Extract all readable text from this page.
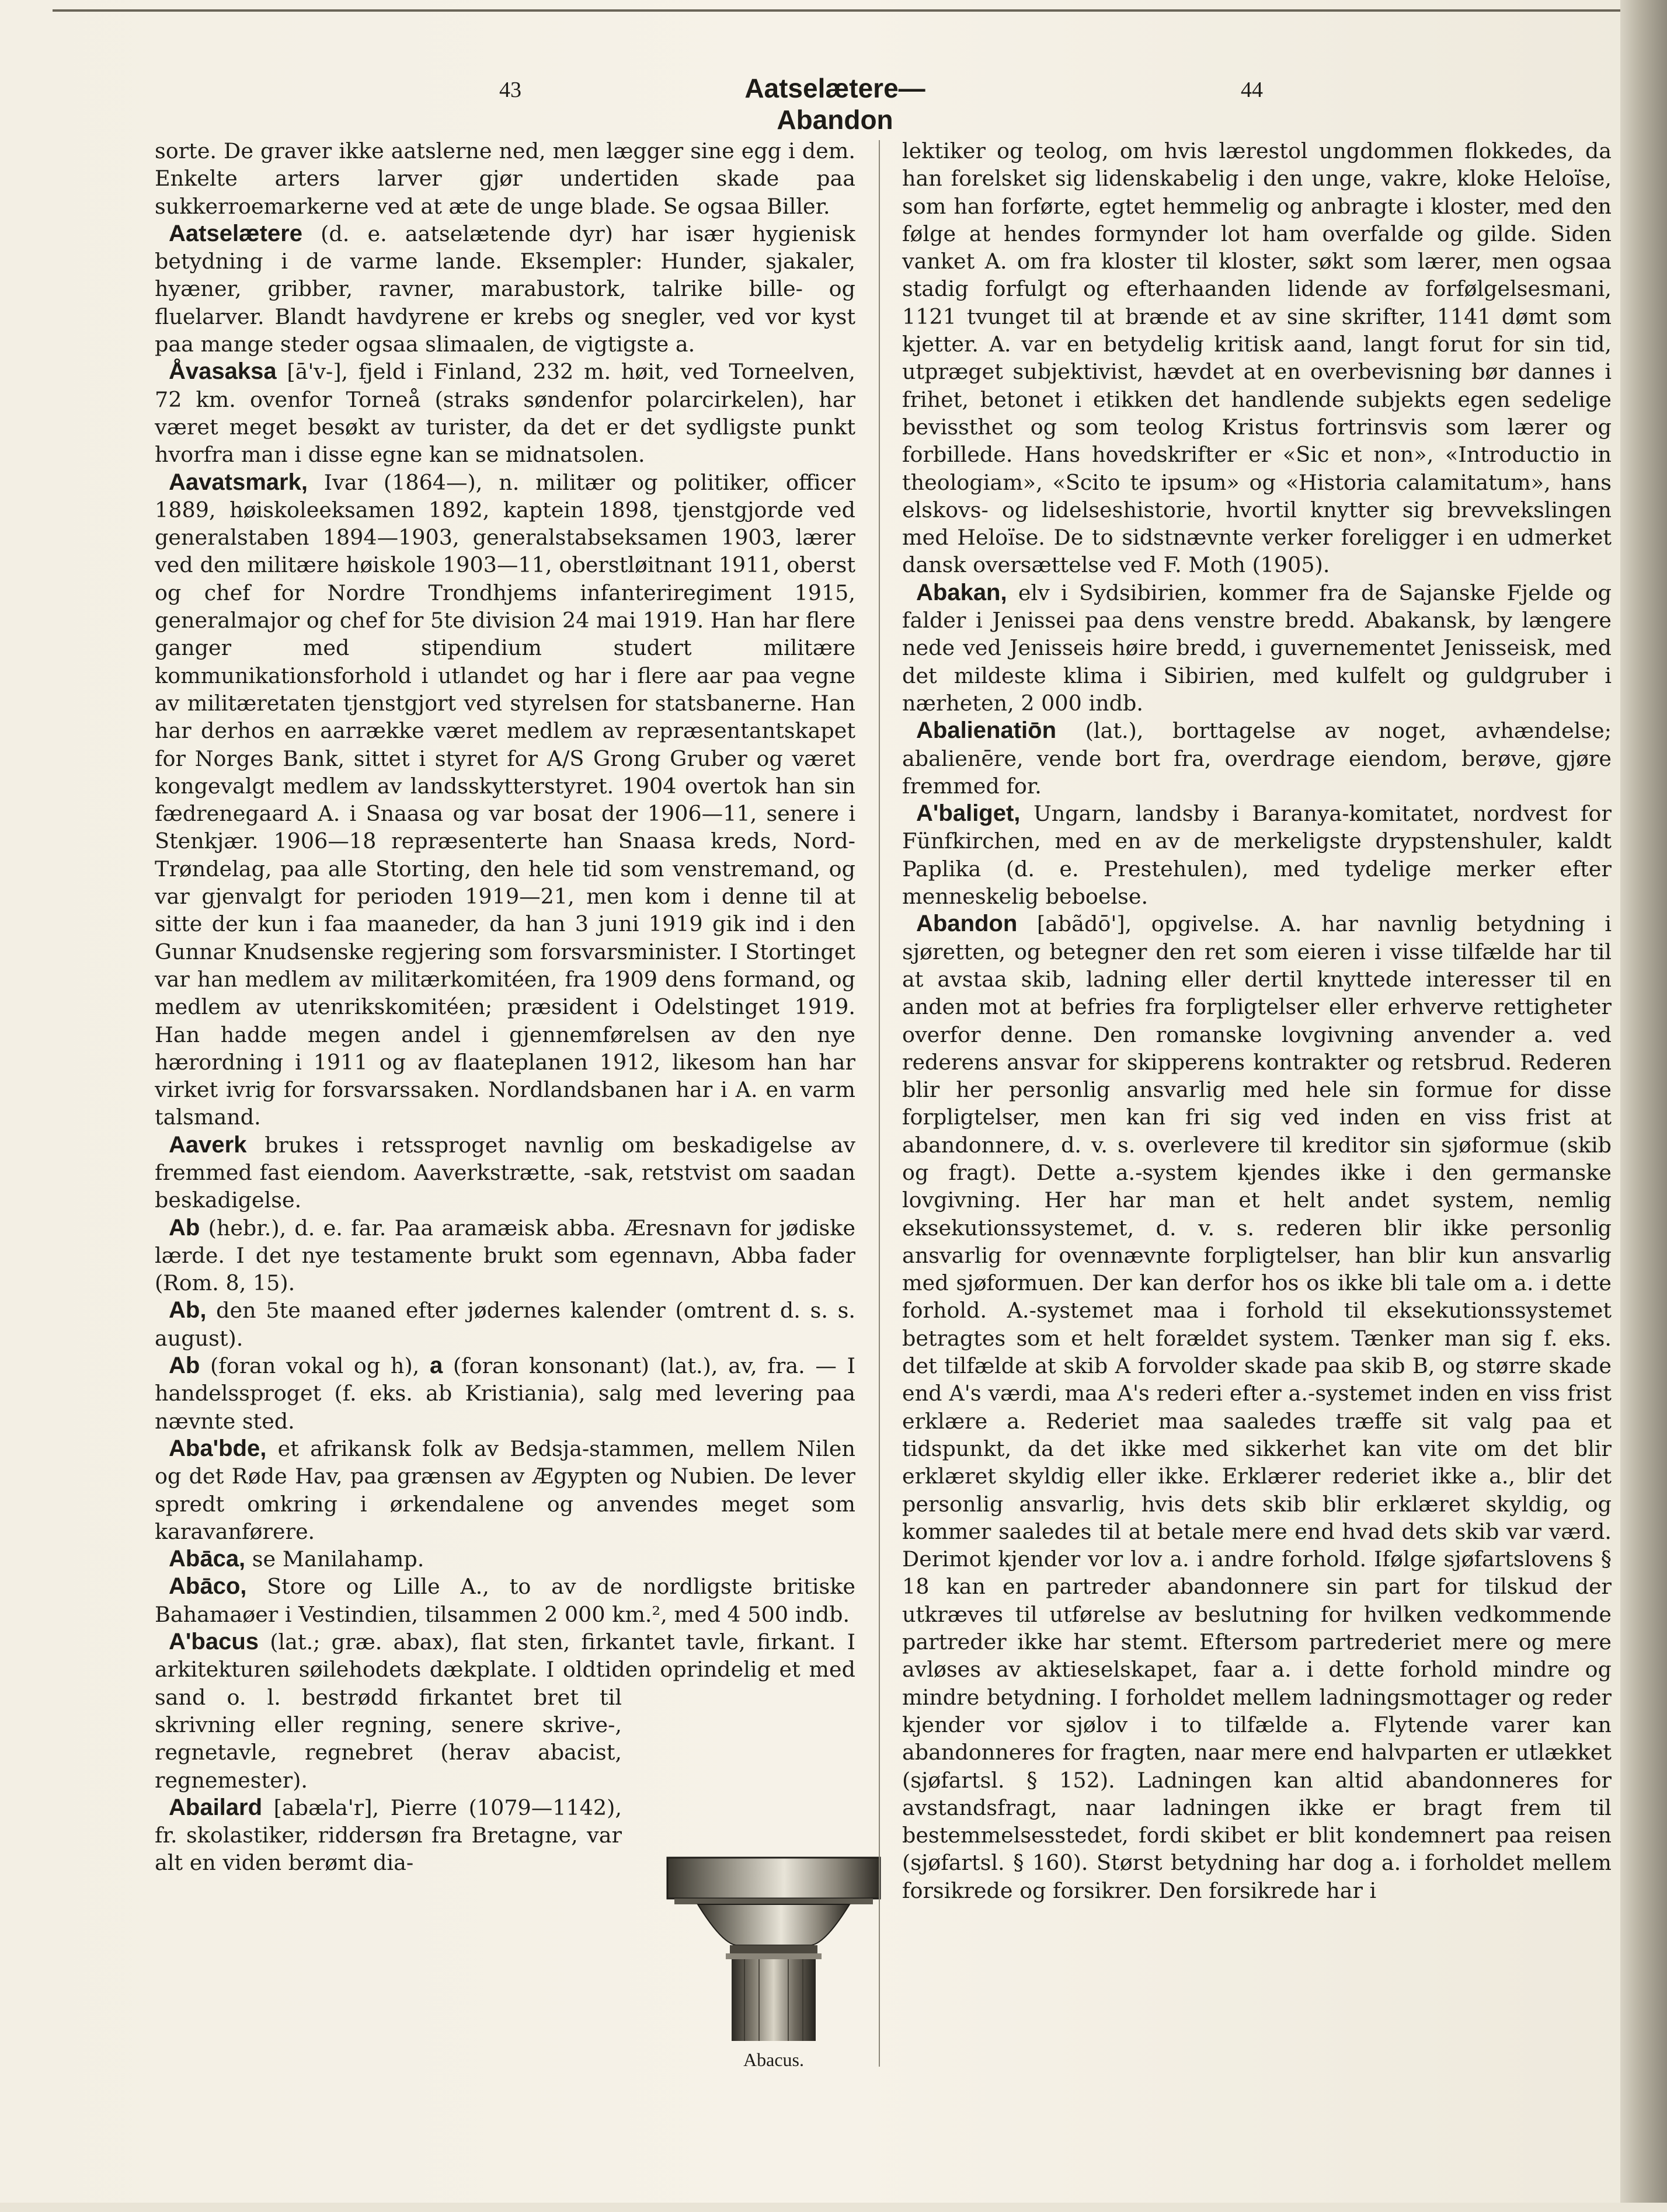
43	Aatselætere—Abandon
44

sorte. De graver ikke aatslerne ned, men lægger sine egg i dem. Enkelte arters larver gjør undertiden skade paa sukkerroemarkerne ved at æte de unge blade. Se ogsaa Biller.

Aatselætere (d. e. aatselætende dyr) har især hygienisk betydning i de varme lande. Eksempler: Hunder, sjakaler, hyæner, gribber, ravner, marabustork, talrike bille- og fluelarver. Blandt havdyrene er krebs og snegler, ved vor kyst paa mange steder ogsaa slimaalen, de vigtigste a.

Åvasaksa [ā'v-], fjeld i Finland, 232 m. høit, ved Torneelven, 72 km. ovenfor Torneå (straks søndenfor polarcirkelen), har været meget besøkt av turister, da det er det sydligste punkt hvorfra man i disse egne kan se midnatsolen.

Aavatsmark, Ivar (1864—), n. militær og politiker, officer 1889, høiskoleeksamen 1892, kaptein 1898, tjenstgjorde ved generalstaben 1894—1903, generalstabseksamen 1903, lærer ved den militære høiskole 1903—11, oberstløitnant 1911, oberst og chef for Nordre Trondhjems infanteriregiment 1915, generalmajor og chef for 5te division 24 mai 1919. Han har flere ganger med stipendium studert militære kommunikationsforhold i utlandet og har i flere aar paa vegne av militæretaten tjenstgjort ved styrelsen for statsbanerne. Han har derhos en aarrække været medlem av repræsentantskapet for Norges Bank, sittet i styret for A/S Grong Gruber og været kongevalgt medlem av landsskytterstyret. 1904 overtok han sin fædrenegaard A. i Snaasa og var bosat der 1906—11, senere i Stenkjær. 1906—18 repræsenterte han Snaasa kreds, Nord-Trøndelag, paa alle Storting, den hele tid som venstremand, og var gjenvalgt for perioden 1919—21, men kom i denne til at sitte der kun i faa maaneder, da han 3 juni 1919 gik ind i den Gunnar Knudsenske regjering som forsvarsminister. I Stortinget var han medlem av militærkomitéen, fra 1909 dens formand, og medlem av utenrikskomitéen; præsident i Odelstinget 1919. Han hadde megen andel i gjennemførelsen av den nye hærordning i 1911 og av flaateplanen 1912, likesom han har virket ivrig for forsvarssaken. Nordlandsbanen har i A. en varm talsmand.

Aaverk brukes i retssproget navnlig om beskadigelse av fremmed fast eiendom. Aaverkstrætte, -sak, retstvist om saadan beskadigelse.

Ab (hebr.), d. e. far. Paa aramæisk abba. Æresnavn for jødiske lærde. I det nye testamente brukt som egennavn, Abba fader (Rom. 8, 15).

Ab, den 5te maaned efter jødernes kalender (omtrent d. s. s. august).

Ab (foran vokal og h), a (foran konsonant) (lat.), av, fra. — I handelssproget (f. eks. ab Kristiania), salg med levering paa nævnte sted.

Aba'bde, et afrikansk folk av Bedsja-stammen, mellem Nilen og det Røde Hav, paa grænsen av Ægypten og Nubien. De lever spredt omkring i ørkendalene og anvendes meget som karavanførere.

Abāca, se Manilahamp.

Abāco, Store og Lille A., to av de nordligste britiske Bahamaøer i Vestindien, tilsammen 2 000 km.², med 4 500 indb.

A'bacus (lat.; græ. abax), flat sten, firkantet tavle, firkant. I arkitekturen søilehodets dækplate. I oldtiden oprindelig et med sand o. l. bestrødd firkantet bret til skrivning eller regning, senere skrive-, regnetavle, regnebret (herav abacist, regnemester).
Abailard [abæla'r], Pierre (1079—1142), fr. skolastiker, riddersøn fra Bretagne, var alt en viden berømt dia-

Abacus.

lektiker og teolog, om hvis lærestol ungdommen flokkedes, da han forelsket sig lidenskabelig i den unge, vakre, kloke Heloïse, som han forførte, egtet hemmelig og anbragte i kloster, med den følge at hendes formynder lot ham overfalde og gilde. Siden vanket A. om fra kloster til kloster, søkt som lærer, men ogsaa stadig forfulgt og efterhaanden lidende av forfølgelsesmani, 1121 tvunget til at brænde et av sine skrifter, 1141 dømt som kjetter. A. var en betydelig kritisk aand, langt forut for sin tid, utpræget subjektivist, hævdet at en overbevisning bør dannes i frihet, betonet i etikken det handlende subjekts egen sedelige bevissthet og som teolog Kristus fortrinsvis som lærer og forbillede. Hans hovedskrifter er «Sic et non», «Introductio in theologiam», «Scito te ipsum» og «Historia calamitatum», hans elskovs- og lidelseshistorie, hvortil knytter sig brevvekslingen med Heloïse. De to sidstnævnte verker foreligger i en udmerket dansk oversættelse ved F. Moth (1905).

Abakan, elv i Sydsibirien, kommer fra de Sajanske Fjelde og falder i Jenissei paa dens venstre bredd. Abakansk, by længere nede ved Jenisseis høire bredd, i guvernementet Jenisseisk, med det mildeste klima i Sibirien, med kulfelt og guldgruber i nærheten, 2 000 indb.

Abalienatiōn (lat.), borttagelse av noget, avhændelse; abalienēre, vende bort fra, overdrage eiendom, berøve, gjøre fremmed for.

A'baliget, Ungarn, landsby i Baranya-komitatet, nordvest for Fünfkirchen, med en av de merkeligste drypstenshuler, kaldt Paplika (d. e. Prestehulen), med tydelige merker efter menneskelig beboelse.

Abandon [abãdō'], opgivelse. A. har navnlig betydning i sjøretten, og betegner den ret som eieren i visse tilfælde har til at avstaa skib, ladning eller dertil knyttede interesser til en anden mot at befries fra forpligtelser eller erhverve rettigheter overfor denne. Den romanske lovgivning anvender a. ved rederens ansvar for skipperens kontrakter og retsbrud. Rederen blir her personlig ansvarlig med hele sin formue for disse forpligtelser, men kan fri sig ved inden en viss frist at abandonnere, d. v. s. overlevere til kreditor sin sjøformue (skib og fragt). Dette a.-system kjendes ikke i den germanske lovgivning. Her har man et helt andet system, nemlig eksekutionssystemet, d. v. s. rederen blir ikke personlig ansvarlig for ovennævnte forpligtelser, han blir kun ansvarlig med sjøformuen. Der kan derfor hos os ikke bli tale om a. i dette forhold. A.-systemet maa i forhold til eksekutionssystemet betragtes som et helt forældet system. Tænker man sig f. eks. det tilfælde at skib A forvolder skade paa skib B, og større skade end A's værdi, maa A's rederi efter a.-systemet inden en viss frist erklære a. Rederiet maa saaledes træffe sit valg paa et tidspunkt, da det ikke med sikkerhet kan vite om det blir erklæret skyldig eller ikke. Erklærer rederiet ikke a., blir det personlig ansvarlig, hvis dets skib blir erklæret skyldig, og kommer saaledes til at betale mere end hvad dets skib var værd. Derimot kjender vor lov a. i andre forhold. Ifølge sjøfartslovens § 18 kan en partreder abandonnere sin part for tilskud der utkræves til utførelse av beslutning for hvilken vedkommende partreder ikke har stemt. Eftersom partrederiet mere og mere avløses av aktieselskapet, faar a. i dette forhold mindre og mindre betydning. I forholdet mellem ladningsmottager og reder kjender vor sjølov i to tilfælde a. Flytende varer kan abandonneres for fragten, naar mere end halvparten er utlækket (sjøfartsl. § 152). Ladningen kan altid abandonneres for avstandsfragt, naar ladningen ikke er bragt frem til bestemmelsesstedet, fordi skibet er blit kondemnert paa reisen (sjøfartsl. § 160). Størst betydning har dog a. i forholdet mellem forsikrede og forsikrer. Den forsikrede har i
